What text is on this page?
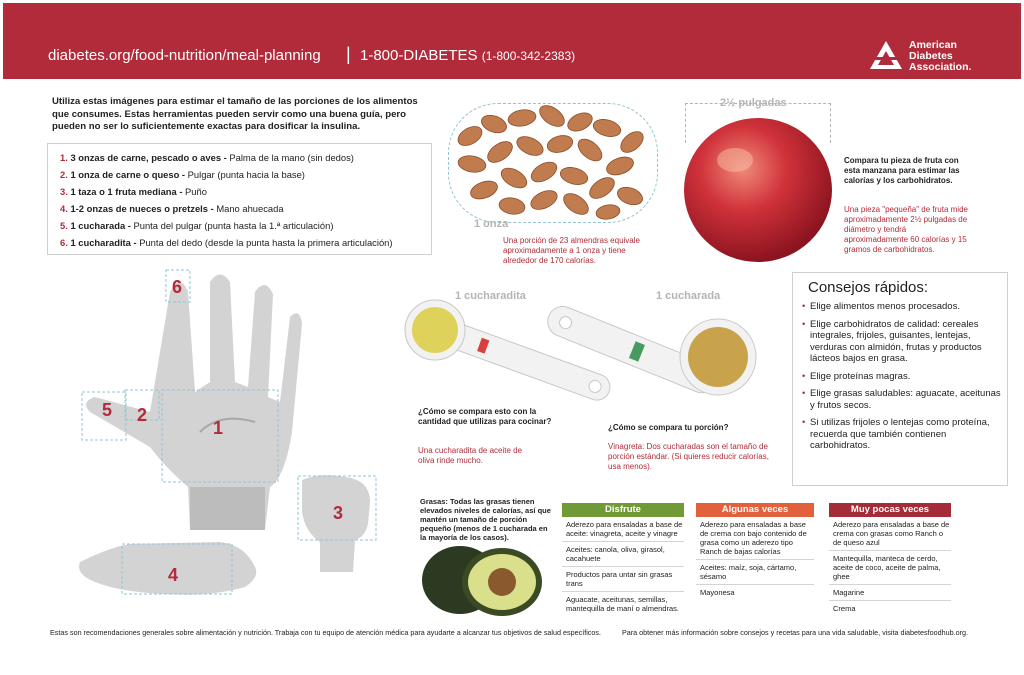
diabetes.org/food-nutrition/meal-planning | 1-800-DIABETES (1-800-342-2383)
American
Diabetes
Association.
Utiliza estas imágenes para estimar el tamaño de las porciones de los alimentos que consumes. Estas herramientas pueden servir como una buena guía, pero pueden no ser lo suficientemente exactas para dosificar la insulina.
1. 3 onzas de carne, pescado o aves - Palma de la mano (sin dedos)
2. 1 onza de carne o queso - Pulgar (punta hacia la base)
3. 1 taza o 1 fruta mediana - Puño
4. 1-2 onzas de nueces o pretzels - Mano ahuecada
5. 1 cucharada - Punta del pulgar (punta hasta la 1.ª articulación)
6. 1 cucharadita - Punta del dedo (desde la punta hasta la primera articulación)
6
5 2
1
3
4
1 onza
Una porción de 23 almendras equivale aproximadamente a 1 onza y tiene alrededor de 170 calorías.
2½ pulgadas
Compara tu pieza de fruta con esta manzana para estimar las calorías y los carbohidratos.
Una pieza "pequeña" de fruta mide aproximadamente 2½ pulgadas de diámetro y tendrá aproximadamente 60 calorías y 15 gramos de carbohidratos.
Consejos rápidos:
• Elige alimentos menos procesados.
• Elige carbohidratos de calidad: cereales integrales, frijoles, guisantes, lentejas, verduras con almidón, frutas y productos lácteos bajos en grasa.
• Elige proteínas magras.
• Elige grasas saludables: aguacate, aceitunas y frutos secos.
• Si utilizas frijoles o lentejas como proteína, recuerda que también contienen carbohidratos.
1 cucharadita	1 cucharada
¿Cómo se compara esto con la cantidad que utilizas para cocinar?
Una cucharadita de aceite de oliva rinde mucho.
¿Cómo se compara tu porción?
Vinagreta: Dos cucharadas son el tamaño de porción estándar. (Si quieres reducir calorías, usa menos).
Grasas: Todas las grasas tienen elevados niveles de calorías, así que mantén un tamaño de porción pequeño (menos de 1 cucharada en la mayoría de los casos).
Disfrute
Aderezo para ensaladas a base de aceite: vinagreta, aceite y vinagre
Aceites: canola, oliva, girasol, cacahuete
Productos para untar sin grasas trans
Aguacate, aceitunas, semillas, mantequilla de maní o almendras.
Algunas veces
Aderezo para ensaladas a base de crema con bajo contenido de grasa como un aderezo tipo Ranch de bajas calorías
Aceites: maíz, soja, cártamo, sésamo
Mayonesa
Muy pocas veces
Aderezo para ensaladas a base de crema con grasas como Ranch o de queso azul
Mantequilla, manteca de cerdo, aceite de coco, aceite de palma, ghee
Magarine
Crema
Estas son recomendaciones generales sobre alimentación y nutrición. Trabaja con tu equipo de atención médica para ayudarte a alcanzar tus objetivos de salud específicos.	Para obtener más información sobre consejos y recetas para una vida saludable, visita diabetesfoodhub.org.
